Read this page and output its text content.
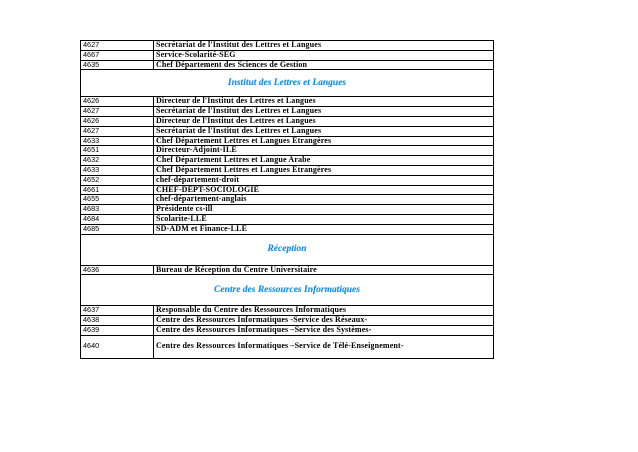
4627	Secrétariat de l'Institut des Lettres et Langues
4667	Service-Scolarité-SEG
4635	Chef Département des Sciences de Gestion
Institut des Lettres et Langues	
4626	Directeur de l'Institut des Lettres et Langues
4627	Secrétariat de l'Institut des Lettres et Langues
4626	Directeur de l'Institut des Lettres et Langues
4627	Secrétariat de l'Institut des Lettres et Langues
4633	Chef Département Lettres et Langues Etrangères
4651	Directeur-Adjoint-ILE
4632	Chef Département Lettres et Langue Arabe
4633	Chef Département Lettres et Langues Etrangères
4652	chef-département-droit
4661	CHEF-DEPT-SOCIOLOGIE
4655	chef-département-anglais
4683	Présidente cs-ill
4684	Scolarite-LLE
4685	SD-ADM et Finance-LLE
Réception	
4636	Bureau de Réception du Centre Universitaire
Centre des Ressources Informatiques	
4637	Responsable du Centre des Ressources Informatiques
4638	Centre des Ressources Informatiques -Service des Réseaux-
4639	Centre des Ressources Informatiques –Service des Systèmes-
4640	Centre des Ressources Informatiques –Service de Télé-Enseignement-
